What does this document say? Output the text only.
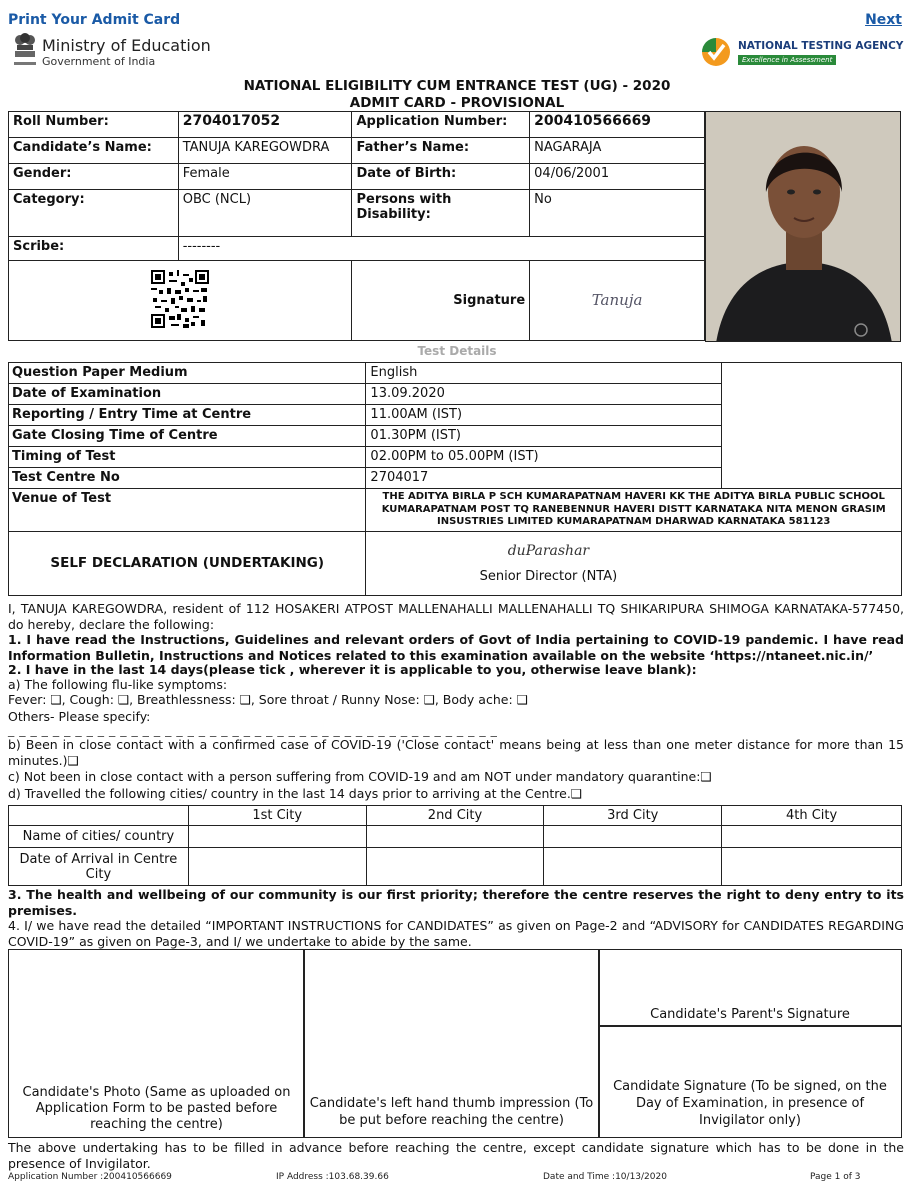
Print Your Admit Card	Next
Ministry of Education
Government of India
NATIONAL TESTING AGENCY
Excellence in Assessment
NATIONAL ELIGIBILITY CUM ENTRANCE TEST (UG) - 2020
ADMIT CARD - PROVISIONAL
Roll Number:	2704017052	Application Number:	200410566669
Candidate’s Name:	TANUJA KAREGOWDRA	Father’s Name:	NAGARAJA
Gender:	Female	Date of Birth:	04/06/2001
Category:	OBC (NCL)	Persons with Disability:	No
Scribe:	--------		
	Signature	Tanuja
Test Details
Question Paper Medium	English	
Date of Examination	13.09.2020	
Reporting / Entry Time at Centre	11.00AM (IST)	
Gate Closing Time of Centre	01.30PM (IST)	
Timing of Test	02.00PM to 05.00PM (IST)	
Test Centre No	2704017	
Venue of Test	THE ADITYA BIRLA P SCH KUMARAPATNAM HAVERI KK THE ADITYA BIRLA PUBLIC SCHOOL KUMARAPATNAM POST TQ RANEBENNUR HAVERI DISTT KARNATAKA NITA MENON GRASIM INSUSTRIES LIMITED KUMARAPATNAM DHARWAD KARNATAKA 581123	
SELF DECLARATION (UNDERTAKING)	duParashar
Senior Director (NTA)	
I, TANUJA KAREGOWDRA, resident of 112 HOSAKERI ATPOST MALLENAHALLI MALLENAHALLI TQ SHIKARIPURA SHIMOGA KARNATAKA-577450, do hereby, declare the following:
1. I have read the Instructions, Guidelines and relevant orders of Govt of India pertaining to COVID-19 pandemic. I have read Information Bulletin, Instructions and Notices related to this examination available on the website ‘https://ntaneet.nic.in/’
2. I have in the last 14 days(please tick , wherever it is applicable to you, otherwise leave blank):
a) The following flu-like symptoms:
Fever: ❑, Cough: ❑, Breathlessness: ❑, Sore throat / Runny Nose: ❑, Body ache: ❑
Others- Please specify:
_ _ _ _ _ _ _ _ _ _ _ _ _ _ _ _ _ _ _ _ _ _ _ _ _ _ _ _ _ _ _ _ _ _ _ _ _ _ _ _ _ _ _ _
b) Been in close contact with a confirmed case of COVID-19 ('Close contact' means being at less than one meter distance for more than 15 minutes.)❑
c) Not been in close contact with a person suffering from COVID-19 and am NOT under mandatory quarantine:❑
d) Travelled the following cities/ country in the last 14 days prior to arriving at the Centre.❑
	1st City	2nd City	3rd City	4th City
Name of cities/ country				
Date of Arrival in Centre City				
3. The health and wellbeing of our community is our first priority; therefore the centre reserves the right to deny entry to its premises.
4. I/ we have read the detailed “IMPORTANT INSTRUCTIONS for CANDIDATES” as given on Page-2 and “ADVISORY for CANDIDATES REGARDING COVID-19” as given on Page-3, and I/ we undertake to abide by the same.
Candidate's Photo (Same as uploaded on Application Form to be pasted before reaching the centre)
Candidate's left hand thumb impression (To be put before reaching the centre)
Candidate's Parent's Signature
Candidate Signature (To be signed, on the Day of Examination, in presence of Invigilator only)
The above undertaking has to be filled in advance before reaching the centre, except candidate signature which has to be done in the presence of Invigilator.
Application Number :200410566669	IP Address :103.68.39.66	Date and Time :10/13/2020	Page 1 of 3
